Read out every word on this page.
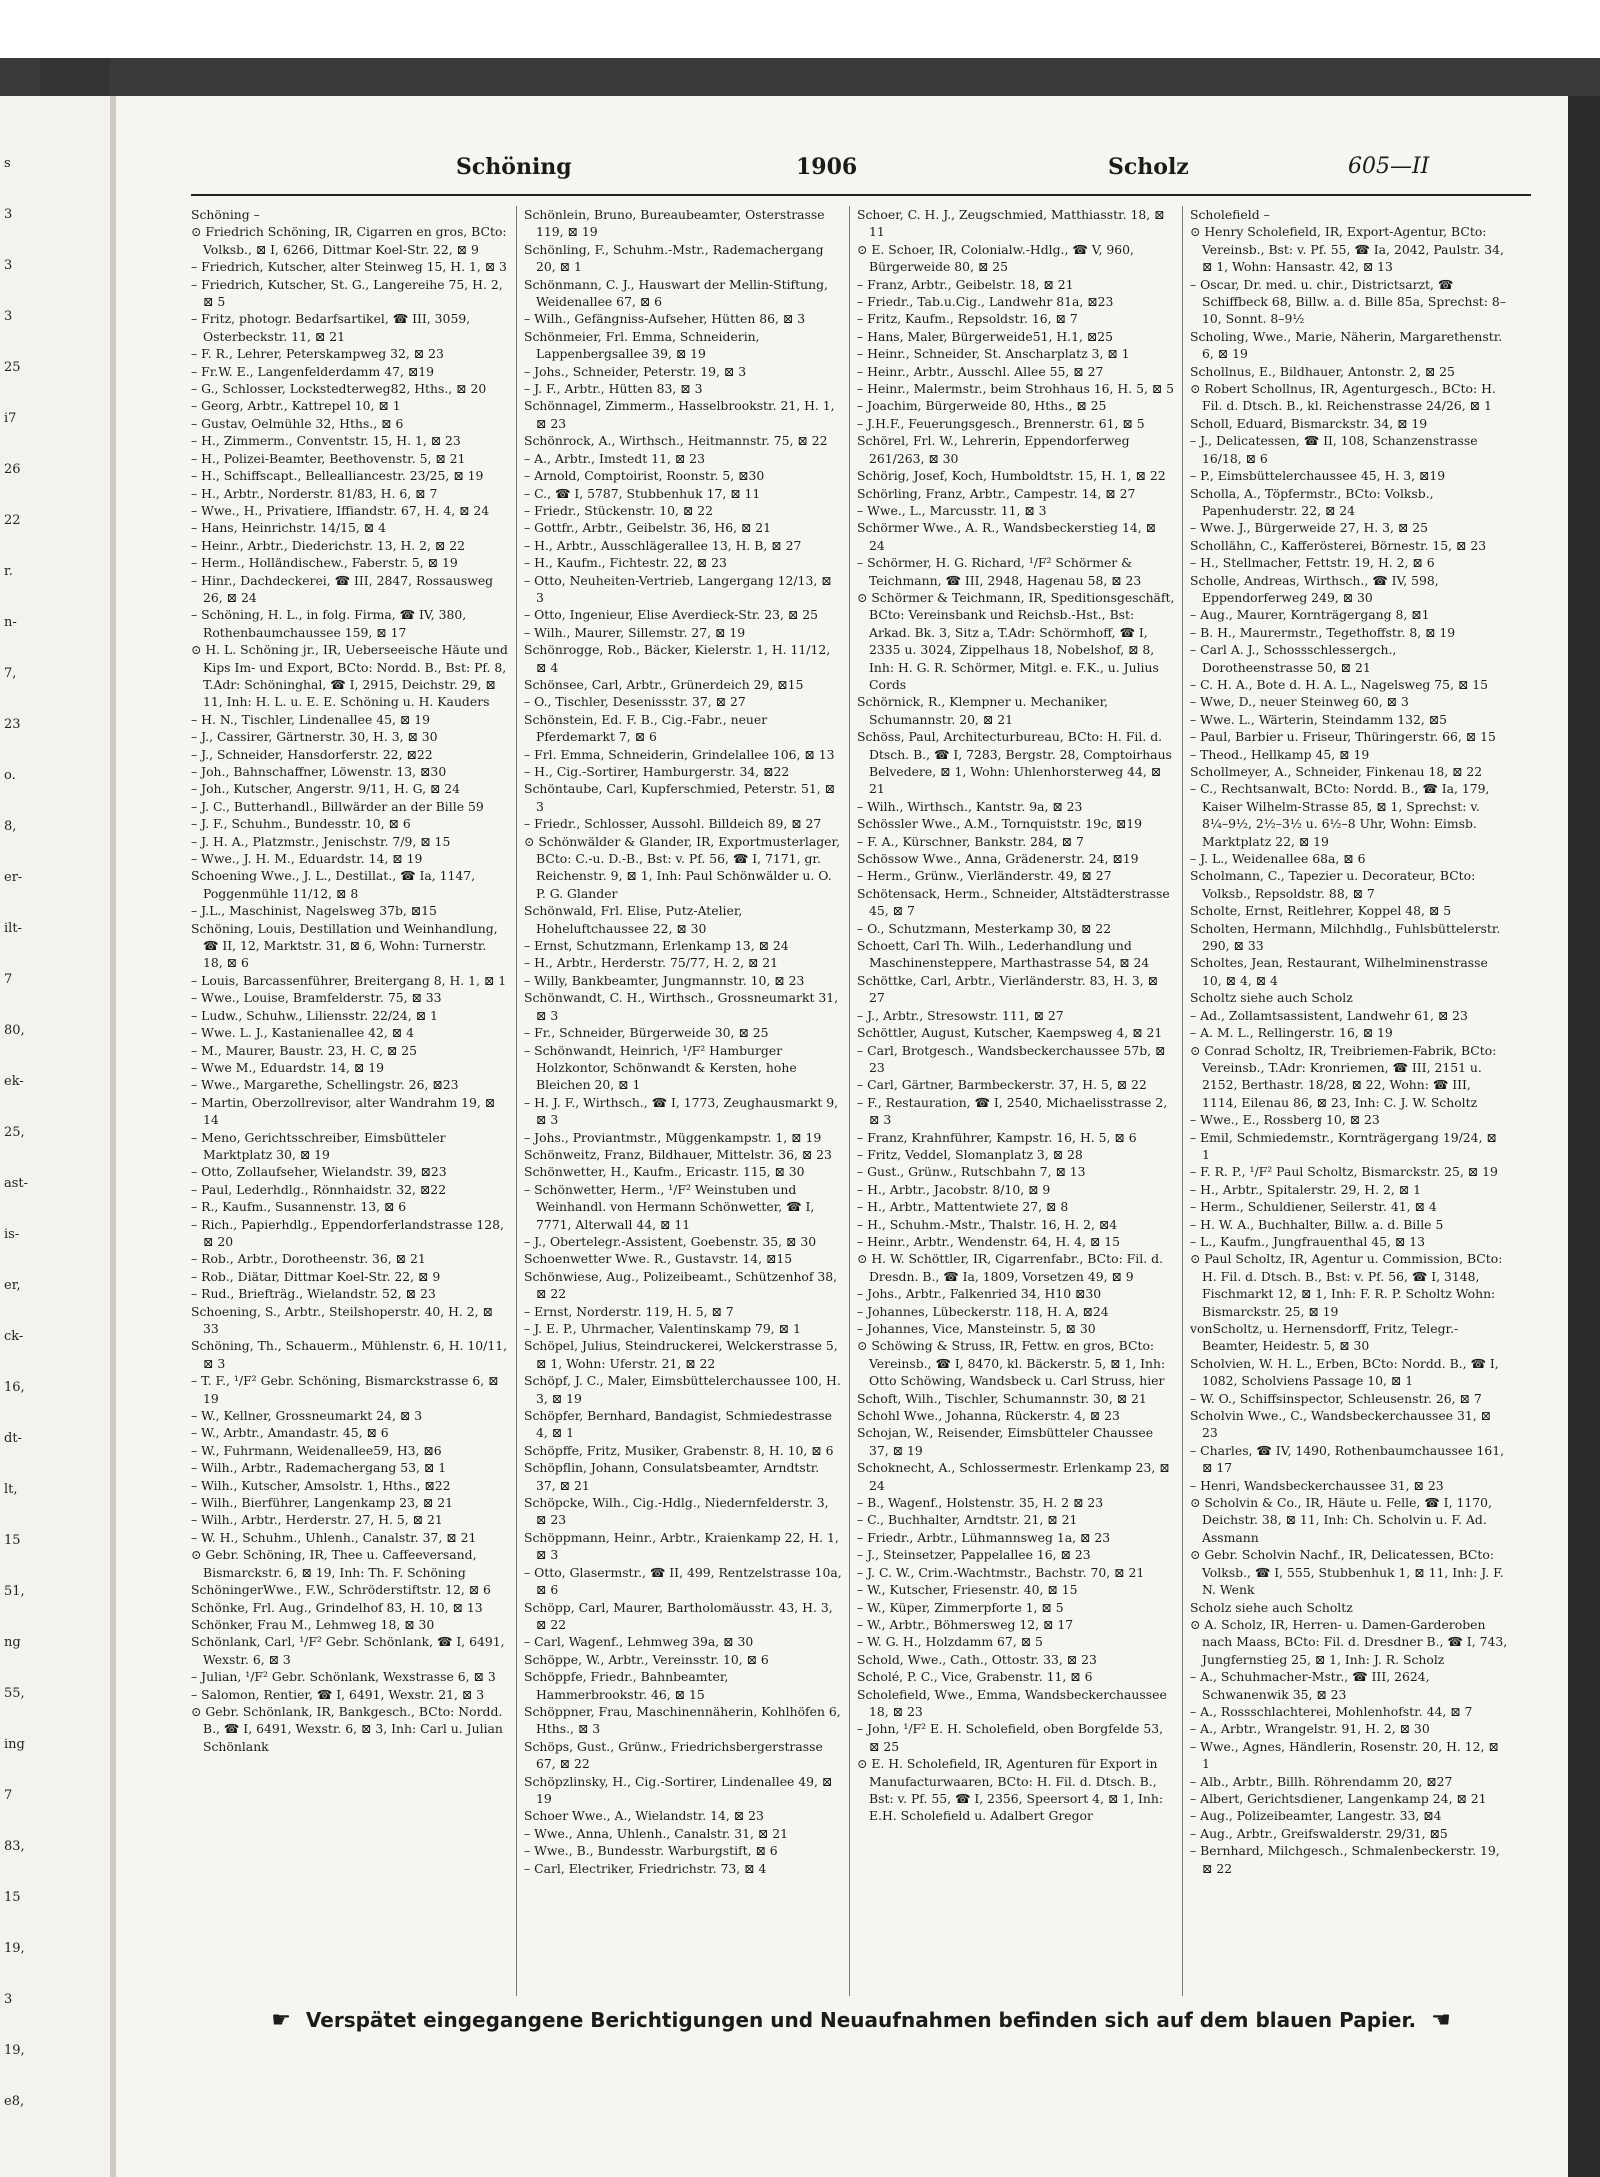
s
3
3
3
25
i7
26
22
r.
n-
7,
23
o.
8,
er-
ilt-
7
80,
ek-
25,
ast-
is-
er,
ck-
16,
dt-
lt,
15
51,
ng
55,
ing
7
83,
15
19,
3
19,
e8,
Schöning	1906	Scholz	605—II

Schöning –

⊙ Friedrich Schöning, IR, Cigarren en gros, BCto: Volksb., ⊠ I, 6266, Dittmar Koel-Str. 22, ⊠ 9

– Friedrich, Kutscher, alter Steinweg 15, H. 1, ⊠ 3

– Friedrich, Kutscher, St. G., Langereihe 75, H. 2, ⊠ 5

– Fritz, photogr. Bedarfsartikel, ☎ III, 3059, Osterbeckstr. 11, ⊠ 21

– F. R., Lehrer, Peterskampweg 32, ⊠ 23

– Fr.W. E., Langenfelderdamm 47, ⊠19

– G., Schlosser, Lockstedterweg82, Hths., ⊠ 20

– Georg, Arbtr., Kattrepel 10, ⊠ 1

– Gustav, Oelmühle 32, Hths., ⊠ 6

– H., Zimmerm., Conventstr. 15, H. 1, ⊠ 23

– H., Polizei-Beamter, Beethovenstr. 5, ⊠ 21

– H., Schiffscapt., Bellealliancestr. 23/25, ⊠ 19

– H., Arbtr., Norderstr. 81/83, H. 6, ⊠ 7

– Wwe., H., Privatiere, Iffiandstr. 67, H. 4, ⊠ 24

– Hans, Heinrichstr. 14/15, ⊠ 4

– Heinr., Arbtr., Diederichstr. 13, H. 2, ⊠ 22

– Herm., Holländischew., Faberstr. 5, ⊠ 19

– Hinr., Dachdeckerei, ☎ III, 2847, Rossausweg 26, ⊠ 24

– Schöning, H. L., in folg. Firma, ☎ IV, 380, Rothenbaumchaussee 159, ⊠ 17

⊙ H. L. Schöning jr., IR, Ueberseeische Häute und Kips Im- und Export, BCto: Nordd. B., Bst: Pf. 8, T.Adr: Schöninghal, ☎ I, 2915, Deichstr. 29, ⊠ 11, Inh: H. L. u. E. E. Schöning u. H. Kauders

– H. N., Tischler, Lindenallee 45, ⊠ 19

– J., Cassirer, Gärtnerstr. 30, H. 3, ⊠ 30

– J., Schneider, Hansdorferstr. 22, ⊠22

– Joh., Bahnschaffner, Löwenstr. 13, ⊠30

– Joh., Kutscher, Angerstr. 9/11, H. G, ⊠ 24

– J. C., Butterhandl., Billwärder an der Bille 59

– J. F., Schuhm., Bundesstr. 10, ⊠ 6

– J. H. A., Platzmstr., Jenischstr. 7/9, ⊠ 15

– Wwe., J. H. M., Eduardstr. 14, ⊠ 19

Schoening Wwe., J. L., Destillat., ☎ Ia, 1147, Poggenmühle 11/12, ⊠ 8

– J.L., Maschinist, Nagelsweg 37b, ⊠15

Schöning, Louis, Destillation und Weinhandlung, ☎ II, 12, Marktstr. 31, ⊠ 6, Wohn: Turnerstr. 18, ⊠ 6

– Louis, Barcassenführer, Breitergang 8, H. 1, ⊠ 1

– Wwe., Louise, Bramfelderstr. 75, ⊠ 33

– Ludw., Schuhw., Liliensstr. 22/24, ⊠ 1

– Wwe. L. J., Kastanienallee 42, ⊠ 4

– M., Maurer, Baustr. 23, H. C, ⊠ 25

– Wwe M., Eduardstr. 14, ⊠ 19

– Wwe., Margarethe, Schellingstr. 26, ⊠23

– Martin, Oberzollrevisor, alter Wandrahm 19, ⊠ 14

– Meno, Gerichtsschreiber, Eimsbütteler Marktplatz 30, ⊠ 19

– Otto, Zollaufseher, Wielandstr. 39, ⊠23

– Paul, Lederhdlg., Rönnhaidstr. 32, ⊠22

– R., Kaufm., Susannenstr. 13, ⊠ 6

– Rich., Papierhdlg., Eppendorferlandstrasse 128, ⊠ 20

– Rob., Arbtr., Dorotheenstr. 36, ⊠ 21

– Rob., Diätar, Dittmar Koel-Str. 22, ⊠ 9

– Rud., Briefträg., Wielandstr. 52, ⊠ 23

Schoening, S., Arbtr., Steilshoperstr. 40, H. 2, ⊠ 33

Schöning, Th., Schauerm., Mühlenstr. 6, H. 10/11, ⊠ 3

– T. F., ¹/F² Gebr. Schöning, Bismarckstrasse 6, ⊠ 19

– W., Kellner, Grossneumarkt 24, ⊠ 3

– W., Arbtr., Amandastr. 45, ⊠ 6

– W., Fuhrmann, Weidenallee59, H3, ⊠6

– Wilh., Arbtr., Rademachergang 53, ⊠ 1

– Wilh., Kutscher, Amsolstr. 1, Hths., ⊠22

– Wilh., Bierführer, Langenkamp 23, ⊠ 21

– Wilh., Arbtr., Herderstr. 27, H. 5, ⊠ 21

– W. H., Schuhm., Uhlenh., Canalstr. 37, ⊠ 21

⊙ Gebr. Schöning, IR, Thee u. Caffeeversand, Bismarckstr. 6, ⊠ 19, Inh: Th. F. Schöning

SchöningerWwe., F.W., Schröderstiftstr. 12, ⊠ 6

Schönke, Frl. Aug., Grindelhof 83, H. 10, ⊠ 13

Schönker, Frau M., Lehmweg 18, ⊠ 30

Schönlank, Carl, ¹/F² Gebr. Schönlank, ☎ I, 6491, Wexstr. 6, ⊠ 3

– Julian, ¹/F² Gebr. Schönlank, Wexstrasse 6, ⊠ 3

– Salomon, Rentier, ☎ I, 6491, Wexstr. 21, ⊠ 3

⊙ Gebr. Schönlank, IR, Bankgesch., BCto: Nordd. B., ☎ I, 6491, Wexstr. 6, ⊠ 3, Inh: Carl u. Julian Schönlank

Schönlein, Bruno, Bureaubeamter, Osterstrasse 119, ⊠ 19

Schönling, F., Schuhm.-Mstr., Rademachergang 20, ⊠ 1

Schönmann, C. J., Hauswart der Mellin-Stiftung, Weidenallee 67, ⊠ 6

– Wilh., Gefängniss-Aufseher, Hütten 86, ⊠ 3

Schönmeier, Frl. Emma, Schneiderin, Lappenbergsallee 39, ⊠ 19

– Johs., Schneider, Peterstr. 19, ⊠ 3

– J. F., Arbtr., Hütten 83, ⊠ 3

Schönnagel, Zimmerm., Hasselbrookstr. 21, H. 1, ⊠ 23

Schönrock, A., Wirthsch., Heitmannstr. 75, ⊠ 22

– A., Arbtr., Imstedt 11, ⊠ 23

– Arnold, Comptoirist, Roonstr. 5, ⊠30

– C., ☎ I, 5787, Stubbenhuk 17, ⊠ 11

– Friedr., Stückenstr. 10, ⊠ 22

– Gottfr., Arbtr., Geibelstr. 36, H6, ⊠ 21

– H., Arbtr., Ausschlägerallee 13, H. B, ⊠ 27

– H., Kaufm., Fichtestr. 22, ⊠ 23

– Otto, Neuheiten-Vertrieb, Langergang 12/13, ⊠ 3

– Otto, Ingenieur, Elise Averdieck-Str. 23, ⊠ 25

– Wilh., Maurer, Sillemstr. 27, ⊠ 19

Schönrogge, Rob., Bäcker, Kielerstr. 1, H. 11/12, ⊠ 4

Schönsee, Carl, Arbtr., Grünerdeich 29, ⊠15

– O., Tischler, Desenissstr. 37, ⊠ 27

Schönstein, Ed. F. B., Cig.-Fabr., neuer Pferdemarkt 7, ⊠ 6

– Frl. Emma, Schneiderin, Grindelallee 106, ⊠ 13

– H., Cig.-Sortirer, Hamburgerstr. 34, ⊠22

Schöntaube, Carl, Kupferschmied, Peterstr. 51, ⊠ 3

– Friedr., Schlosser, Aussohl. Billdeich 89, ⊠ 27

⊙ Schönwälder & Glander, IR, Exportmusterlager, BCto: C.-u. D.-B., Bst: v. Pf. 56, ☎ I, 7171, gr. Reichenstr. 9, ⊠ 1, Inh: Paul Schönwälder u. O. P. G. Glander

Schönwald, Frl. Elise, Putz-Atelier, Hoheluftchaussee 22, ⊠ 30

– Ernst, Schutzmann, Erlenkamp 13, ⊠ 24

– H., Arbtr., Herderstr. 75/77, H. 2, ⊠ 21

– Willy, Bankbeamter, Jungmannstr. 10, ⊠ 23

Schönwandt, C. H., Wirthsch., Grossneumarkt 31, ⊠ 3

– Fr., Schneider, Bürgerweide 30, ⊠ 25

– Schönwandt, Heinrich, ¹/F² Hamburger Holzkontor, Schönwandt & Kersten, hohe Bleichen 20, ⊠ 1

– H. J. F., Wirthsch., ☎ I, 1773, Zeughausmarkt 9, ⊠ 3

– Johs., Proviantmstr., Müggenkampstr. 1, ⊠ 19

Schönweitz, Franz, Bildhauer, Mittelstr. 36, ⊠ 23

Schönwetter, H., Kaufm., Ericastr. 115, ⊠ 30

– Schönwetter, Herm., ¹/F² Weinstuben und Weinhandl. von Hermann Schönwetter, ☎ I, 7771, Alterwall 44, ⊠ 11

– J., Obertelegr.-Assistent, Goebenstr. 35, ⊠ 30

Schoenwetter Wwe. R., Gustavstr. 14, ⊠15

Schönwiese, Aug., Polizeibeamt., Schützenhof 38, ⊠ 22

– Ernst, Norderstr. 119, H. 5, ⊠ 7

– J. E. P., Uhrmacher, Valentinskamp 79, ⊠ 1

Schöpel, Julius, Steindruckerei, Welckerstrasse 5, ⊠ 1, Wohn: Uferstr. 21, ⊠ 22

Schöpf, J. C., Maler, Eimsbüttelerchaussee 100, H. 3, ⊠ 19

Schöpfer, Bernhard, Bandagist, Schmiedestrasse 4, ⊠ 1

Schöpffe, Fritz, Musiker, Grabenstr. 8, H. 10, ⊠ 6

Schöpflin, Johann, Consulatsbeamter, Arndtstr. 37, ⊠ 21

Schöpcke, Wilh., Cig.-Hdlg., Niedernfelderstr. 3, ⊠ 23

Schöppmann, Heinr., Arbtr., Kraienkamp 22, H. 1, ⊠ 3

– Otto, Glasermstr., ☎ II, 499, Rentzelstrasse 10a, ⊠ 6

Schöpp, Carl, Maurer, Bartholomäusstr. 43, H. 3, ⊠ 22

– Carl, Wagenf., Lehmweg 39a, ⊠ 30

Schöppe, W., Arbtr., Vereinsstr. 10, ⊠ 6

Schöppfe, Friedr., Bahnbeamter, Hammerbrookstr. 46, ⊠ 15

Schöppner, Frau, Maschinennäherin, Kohlhöfen 6, Hths., ⊠ 3

Schöps, Gust., Grünw., Friedrichsbergerstrasse 67, ⊠ 22

Schöpzlinsky, H., Cig.-Sortirer, Lindenallee 49, ⊠ 19

Schoer Wwe., A., Wielandstr. 14, ⊠ 23

– Wwe., Anna, Uhlenh., Canalstr. 31, ⊠ 21

– Wwe., B., Bundesstr. Warburgstift, ⊠ 6

– Carl, Electriker, Friedrichstr. 73, ⊠ 4

Schoer, C. H. J., Zeugschmied, Matthiasstr. 18, ⊠ 11

⊙ E. Schoer, IR, Colonialw.-Hdlg., ☎ V, 960, Bürgerweide 80, ⊠ 25

– Franz, Arbtr., Geibelstr. 18, ⊠ 21

– Friedr., Tab.u.Cig., Landwehr 81a, ⊠23

– Fritz, Kaufm., Repsoldstr. 16, ⊠ 7

– Hans, Maler, Bürgerweide51, H.1, ⊠25

– Heinr., Schneider, St. Anscharplatz 3, ⊠ 1

– Heinr., Arbtr., Ausschl. Allee 55, ⊠ 27

– Heinr., Malermstr., beim Strohhaus 16, H. 5, ⊠ 5

– Joachim, Bürgerweide 80, Hths., ⊠ 25

– J.H.F., Feuerungsgesch., Brennerstr. 61, ⊠ 5

Schörel, Frl. W., Lehrerin, Eppendorferweg 261/263, ⊠ 30

Schörig, Josef, Koch, Humboldtstr. 15, H. 1, ⊠ 22

Schörling, Franz, Arbtr., Campestr. 14, ⊠ 27

– Wwe., L., Marcusstr. 11, ⊠ 3

Schörmer Wwe., A. R., Wandsbeckerstieg 14, ⊠ 24

– Schörmer, H. G. Richard, ¹/F² Schörmer & Teichmann, ☎ III, 2948, Hagenau 58, ⊠ 23

⊙ Schörmer & Teichmann, IR, Speditionsgeschäft, BCto: Vereinsbank und Reichsb.-Hst., Bst: Arkad. Bk. 3, Sitz a, T.Adr: Schörmhoff, ☎ I, 2335 u. 3024, Zippelhaus 18, Nobelshof, ⊠ 8, Inh: H. G. R. Schörmer, Mitgl. e. F.K., u. Julius Cords

Schörnick, R., Klempner u. Mechaniker, Schumannstr. 20, ⊠ 21

Schöss, Paul, Architecturbureau, BCto: H. Fil. d. Dtsch. B., ☎ I, 7283, Bergstr. 28, Comptoirhaus Belvedere, ⊠ 1, Wohn: Uhlenhorsterweg 44, ⊠ 21

– Wilh., Wirthsch., Kantstr. 9a, ⊠ 23

Schössler Wwe., A.M., Tornquiststr. 19c, ⊠19

– F. A., Kürschner, Bankstr. 284, ⊠ 7

Schössow Wwe., Anna, Grädenerstr. 24, ⊠19

– Herm., Grünw., Vierländerstr. 49, ⊠ 27

Schötensack, Herm., Schneider, Altstädterstrasse 45, ⊠ 7

– O., Schutzmann, Mesterkamp 30, ⊠ 22

Schoett, Carl Th. Wilh., Lederhandlung und Maschinensteppere, Marthastrasse 54, ⊠ 24

Schöttke, Carl, Arbtr., Vierländerstr. 83, H. 3, ⊠ 27

– J., Arbtr., Stresowstr. 111, ⊠ 27

Schöttler, August, Kutscher, Kaempsweg 4, ⊠ 21

– Carl, Brotgesch., Wandsbeckerchaussee 57b, ⊠ 23

– Carl, Gärtner, Barmbeckerstr. 37, H. 5, ⊠ 22

– F., Restauration, ☎ I, 2540, Michaelisstrasse 2, ⊠ 3

– Franz, Krahnführer, Kampstr. 16, H. 5, ⊠ 6

– Fritz, Veddel, Slomanplatz 3, ⊠ 28

– Gust., Grünw., Rutschbahn 7, ⊠ 13

– H., Arbtr., Jacobstr. 8/10, ⊠ 9

– H., Arbtr., Mattentwiete 27, ⊠ 8

– H., Schuhm.-Mstr., Thalstr. 16, H. 2, ⊠4

– Heinr., Arbtr., Wendenstr. 64, H. 4, ⊠ 15

⊙ H. W. Schöttler, IR, Cigarrenfabr., BCto: Fil. d. Dresdn. B., ☎ Ia, 1809, Vorsetzen 49, ⊠ 9

– Johs., Arbtr., Falkenried 34, H10 ⊠30

– Johannes, Lübeckerstr. 118, H. A, ⊠24

– Johannes, Vice, Mansteinstr. 5, ⊠ 30

⊙ Schöwing & Struss, IR, Fettw. en gros, BCto: Vereinsb., ☎ I, 8470, kl. Bäckerstr. 5, ⊠ 1, Inh: Otto Schöwing, Wandsbeck u. Carl Struss, hier

Schoft, Wilh., Tischler, Schumannstr. 30, ⊠ 21

Schohl Wwe., Johanna, Rückerstr. 4, ⊠ 23

Schojan, W., Reisender, Eimsbütteler Chaussee 37, ⊠ 19

Schoknecht, A., Schlosserme​str. Erlenkamp 23, ⊠ 24

– B., Wagenf., Holstenstr. 35, H. 2 ⊠ 23

– C., Buchhalter, Arndtstr. 21, ⊠ 21

– Friedr., Arbtr., Lühmannsweg 1a, ⊠ 23

– J., Steinsetzer, Pappelallee 16, ⊠ 23

– J. C. W., Crim.-Wachtmstr., Bachstr. 70, ⊠ 21

– W., Kutscher, Friesenstr. 40, ⊠ 15

– W., Küper, Zimmerpforte 1, ⊠ 5

– W., Arbtr., Böhmersweg 12, ⊠ 17

– W. G. H., Holzdamm 67, ⊠ 5

Schold, Wwe., Cath., Ottostr. 33, ⊠ 23

Scholé, P. C., Vice, Grabenstr. 11, ⊠ 6

Scholefield, Wwe., Emma, Wandsbeckerchaussee 18, ⊠ 23

– John, ¹/F² E. H. Scholefield, oben Borgfelde 53, ⊠ 25

⊙ E. H. Scholefield, IR, Agenturen für Export in Manufacturwaaren, BCto: H. Fil. d. Dtsch. B., Bst: v. Pf. 55, ☎ I, 2356, Speersort 4, ⊠ 1, Inh: E.H. Scholefield u. Adalbert Gregor

Scholefield –

⊙ Henry Scholefield, IR, Export-Agentur, BCto: Vereinsb., Bst: v. Pf. 55, ☎ Ia, 2042, Paulstr. 34, ⊠ 1, Wohn: Hansastr. 42, ⊠ 13

– Oscar, Dr. med. u. chir., Districtsarzt, ☎ Schiffbeck 68, Billw. a. d. Bille 85a, Sprechst: 8–10, Sonnt. 8–9½

Scholing, Wwe., Marie, Näherin, Margarethenstr. 6, ⊠ 19

Schollnus, E., Bildhauer, Antonstr. 2, ⊠ 25

⊙ Robert Schollnus, IR, Agenturgesch., BCto: H. Fil. d. Dtsch. B., kl. Reichenstrasse 24/26, ⊠ 1

Scholl, Eduard, Bismarckstr. 34, ⊠ 19

– J., Delicatessen, ☎ II, 108, Schanzenstrasse 16/18, ⊠ 6

– P., Eimsbüttelerchaussee 45, H. 3, ⊠19

Scholla, A., Töpfermstr., BCto: Volksb., Papenhuderstr. 22, ⊠ 24

– Wwe. J., Bürgerweide 27, H. 3, ⊠ 25

Schollähn, C., Kafferösterei, Börnestr. 15, ⊠ 23

– H., Stellmacher, Fettstr. 19, H. 2, ⊠ 6

Scholle, Andreas, Wirthsch., ☎ IV, 598, Eppendorferweg 249, ⊠ 30

– Aug., Maurer, Kornträgergang 8, ⊠1

– B. H., Maurermstr., Tegethoffstr. 8, ⊠ 19

– Carl A. J., Schossschlessergch., Dorotheenstrasse 50, ⊠ 21

– C. H. A., Bote d. H. A. L., Nagelsweg 75, ⊠ 15

– Wwe, D., neuer Steinweg 60, ⊠ 3

– Wwe. L., Wärterin, Steindamm 132, ⊠5

– Paul, Barbier u. Friseur, Thüringerstr. 66, ⊠ 15

– Theod., Hellkamp 45, ⊠ 19

Schollmeyer, A., Schneider, Finkenau 18, ⊠ 22

– C., Rechtsanwalt, BCto: Nordd. B., ☎ Ia, 179, Kaiser Wilhelm-Strasse 85, ⊠ 1, Sprechst: v. 8¼–9½, 2½–3½ u. 6½–8 Uhr, Wohn: Eimsb. Marktplatz 22, ⊠ 19

– J. L., Weidenallee 68a, ⊠ 6

Scholmann, C., Tapezier u. Decorateur, BCto: Volksb., Repsoldstr. 88, ⊠ 7

Scholte, Ernst, Reitlehrer, Koppel 48, ⊠ 5

Scholten, Hermann, Milchhdlg., Fuhlsbüttelerstr. 290, ⊠ 33

Scholtes, Jean, Restaurant, Wilhelminenstrasse 10, ⊠ 4, ⊠ 4

Scholtz siehe auch Scholz

– Ad., Zollamtsassistent, Landwehr 61, ⊠ 23

– A. M. L., Rellingerstr. 16, ⊠ 19

⊙ Conrad Scholtz, IR, Treibriemen-Fabrik, BCto: Vereinsb., T.Adr: Kronriemen, ☎ III, 2151 u. 2152, Berthastr. 18/28, ⊠ 22, Wohn: ☎ III, 1114, Eilenau 86, ⊠ 23, Inh: C. J. W. Scholtz

– Wwe., E., Rossberg 10, ⊠ 23

– Emil, Schmiedemstr., Kornträgergang 19/24, ⊠ 1

– F. R. P., ¹/F² Paul Scholtz, Bismarckstr. 25, ⊠ 19

– H., Arbtr., Spitalerstr. 29, H. 2, ⊠ 1

– Herm., Schuldiener, Seilerstr. 41, ⊠ 4

– H. W. A., Buchhalter, Billw. a. d. Bille 5

– L., Kaufm., Jungfrauenthal 45, ⊠ 13

⊙ Paul Scholtz, IR, Agentur u. Commission, BCto: H. Fil. d. Dtsch. B., Bst: v. Pf. 56, ☎ I, 3148, Fischmarkt 12, ⊠ 1, Inh: F. R. P. Scholtz Wohn: Bismarckstr. 25, ⊠ 19

vonScholtz, u. Hernensdorff, Fritz, Telegr.-Beamter, Heidestr. 5, ⊠ 30

Scholvien, W. H. L., Erben, BCto: Nordd. B., ☎ I, 1082, Scholviens Passage 10, ⊠ 1

– W. O., Schiffsinspector, Schleusenstr. 26, ⊠ 7

Scholvin Wwe., C., Wandsbeckerchaussee 31, ⊠ 23

– Charles, ☎ IV, 1490, Rothenbaumchaussee 161, ⊠ 17

– Henri, Wandsbeckerchaussee 31, ⊠ 23

⊙ Scholvin & Co., IR, Häute u. Felle, ☎ I, 1170, Deichstr. 38, ⊠ 11, Inh: Ch. Scholvin u. F. Ad. Assmann

⊙ Gebr. Scholvin Nachf., IR, Delicatessen, BCto: Volksb., ☎ I, 555, Stubbenhuk 1, ⊠ 11, Inh: J. F. N. Wenk

Scholz siehe auch Scholtz

⊙ A. Scholz, IR, Herren- u. Damen-Garderoben nach Maass, BCto: Fil. d. Dresdner B., ☎ I, 743, Jungfernstieg 25, ⊠ 1, Inh: J. R. Scholz

– A., Schuhmacher-Mstr., ☎ III, 2624, Schwanenwik 35, ⊠ 23

– A., Rossschlachterei, Mohlenhofstr. 44, ⊠ 7

– A., Arbtr., Wrangelstr. 91, H. 2, ⊠ 30

– Wwe., Agnes, Händlerin, Rosenstr. 20, H. 12, ⊠ 1

– Alb., Arbtr., Billh. Röhrendamm 20, ⊠27

– Albert, Gerichtsdiener, Langenkamp 24, ⊠ 21

– Aug., Polizeibeamter, Langestr. 33, ⊠4

– Aug., Arbtr., Greifswalderstr. 29/31, ⊠5

– Bernhard, Milchgesch., Schmalenbeckerstr. 19, ⊠ 22

☛ Verspätet eingegangene Berichtigungen und Neuaufnahmen befinden sich auf dem blauen Papier. ☚
